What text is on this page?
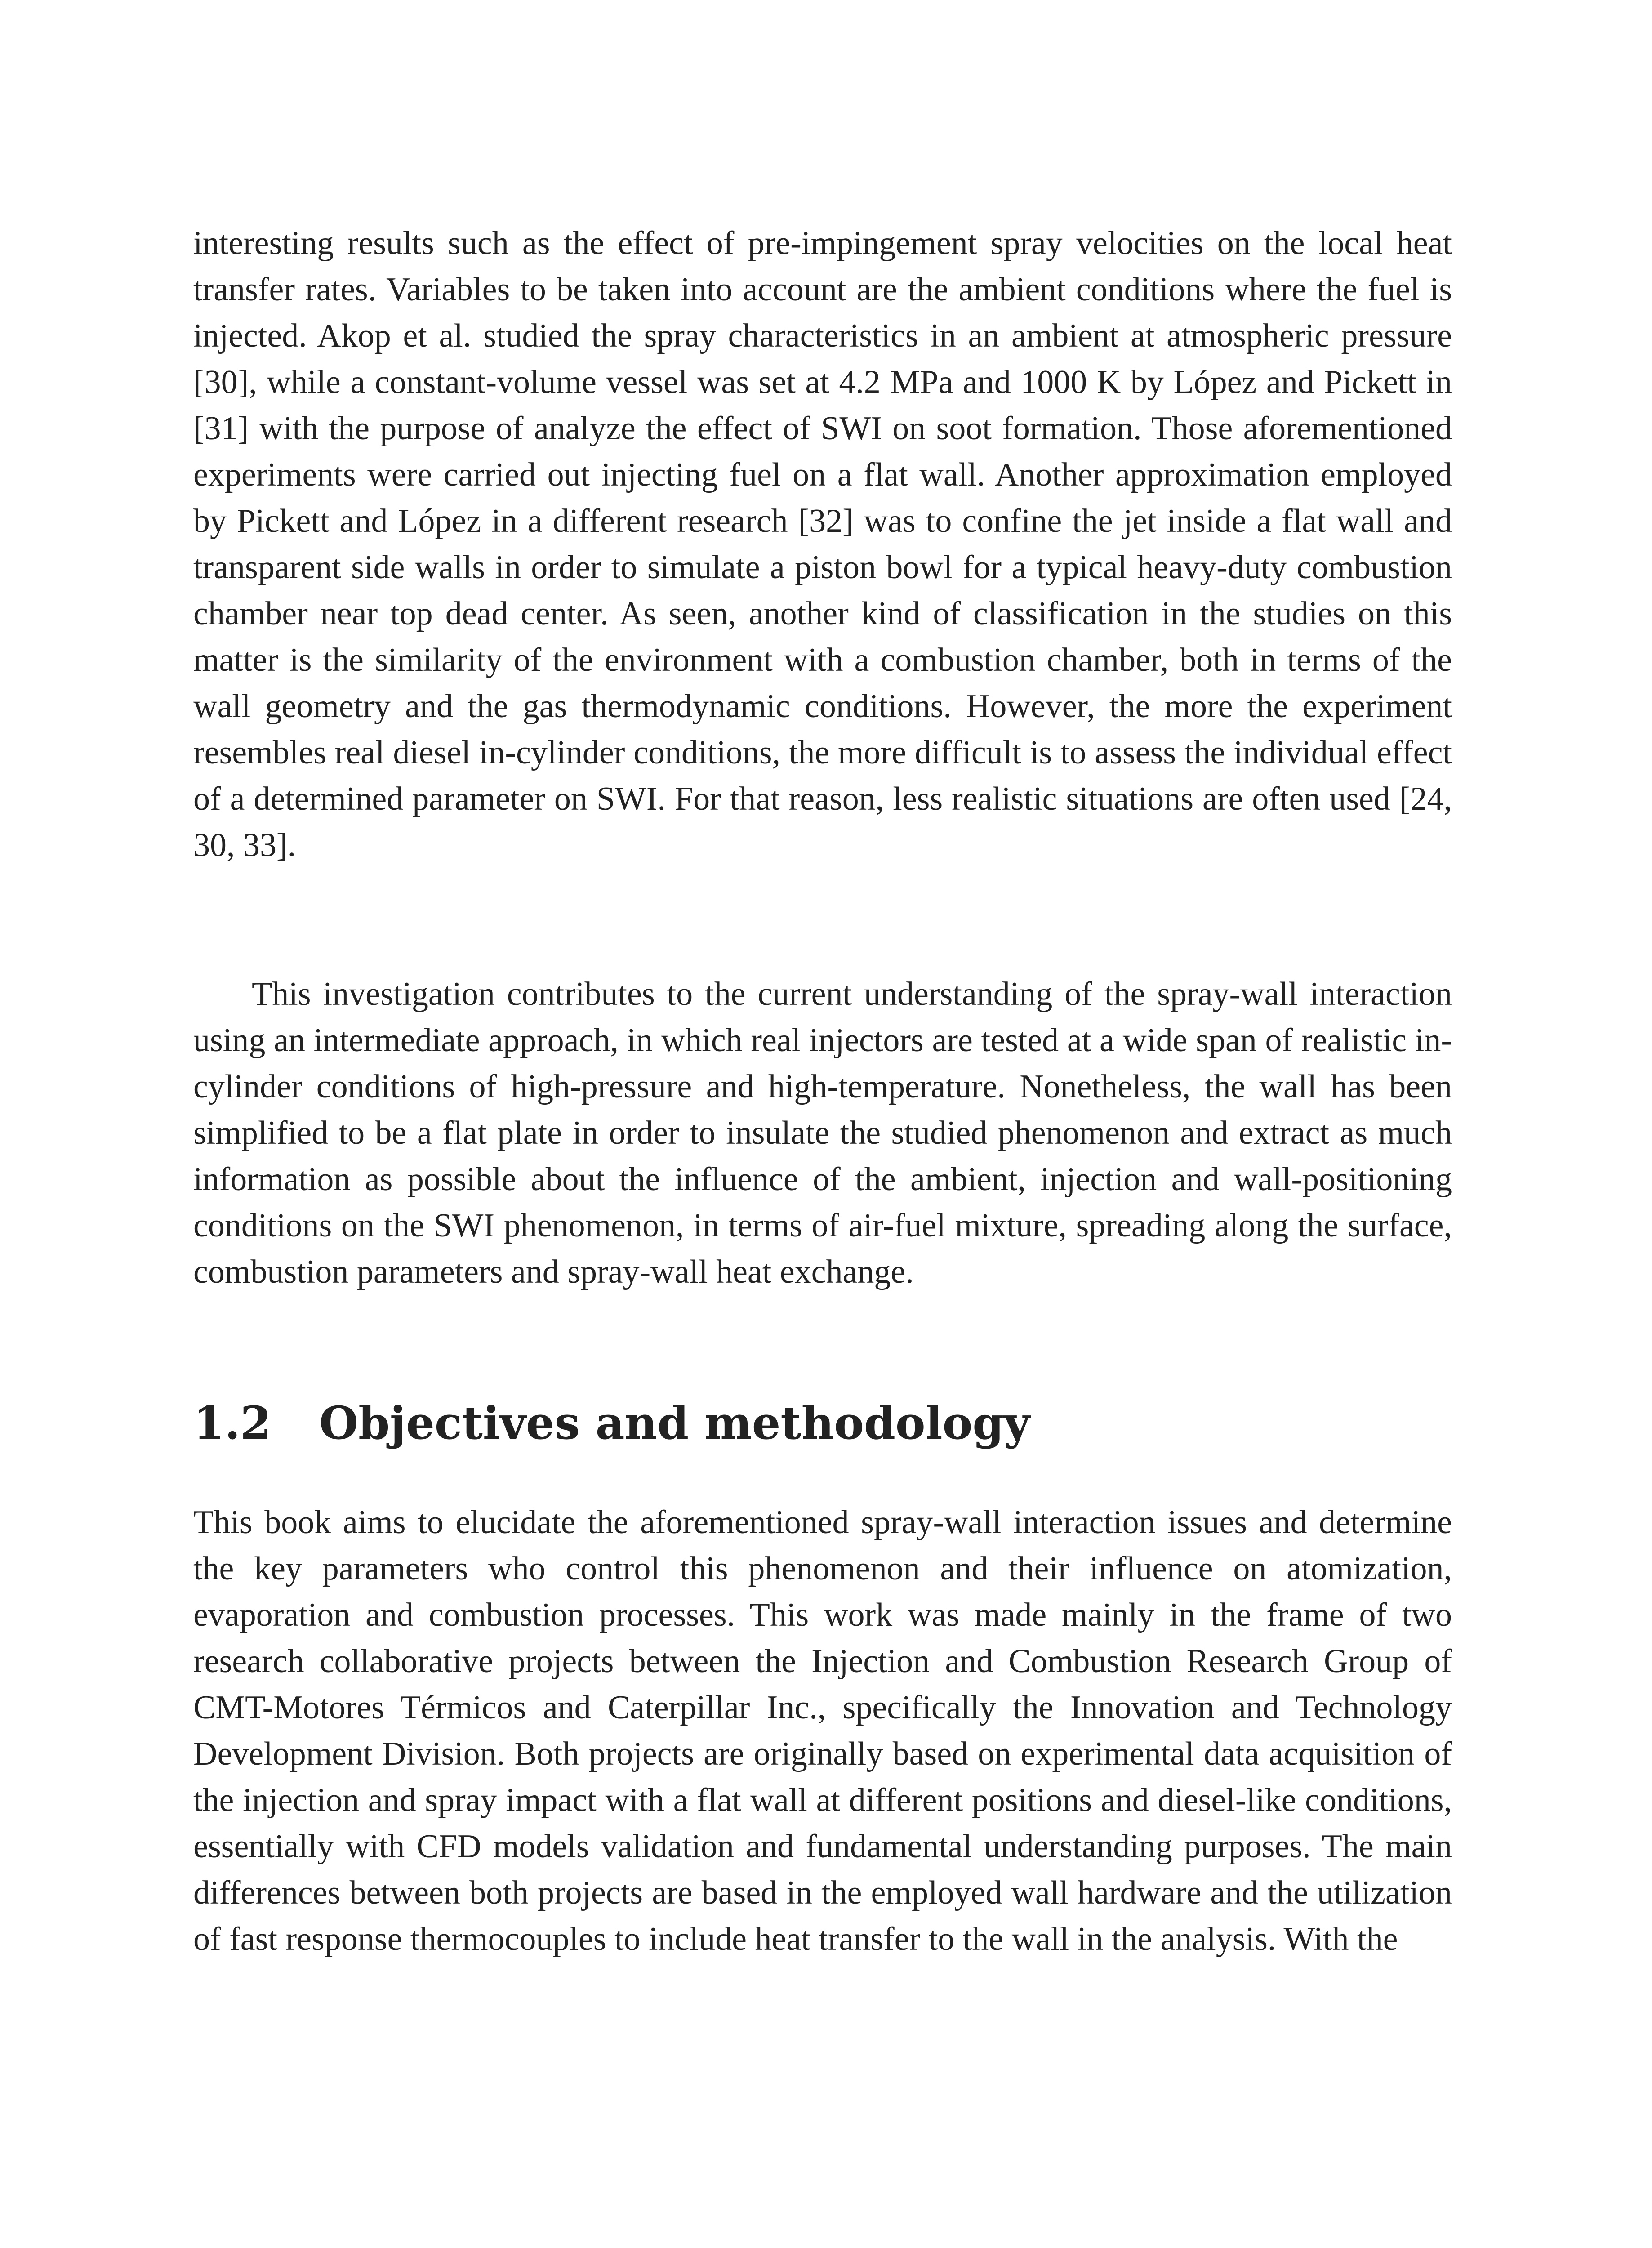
interesting results such as the effect of pre-impingement spray velocities on the local heat transfer rates. Variables to be taken into account are the ambient conditions where the fuel is injected. Akop et al. studied the spray characteristics in an ambient at atmospheric pressure [30], while a constant-volume vessel was set at 4.2 MPa and 1000 K by López and Pickett in [31] with the purpose of analyze the effect of SWI on soot formation. Those aforementioned experiments were carried out injecting fuel on a flat wall. Another approximation employed by Pickett and López in a different research [32] was to confine the jet inside a flat wall and transparent side walls in order to simulate a piston bowl for a typical heavy-duty combustion chamber near top dead center. As seen, another kind of classification in the studies on this matter is the similarity of the environment with a combustion chamber, both in terms of the wall geometry and the gas thermodynamic conditions. However, the more the experiment resembles real diesel in-cylinder conditions, the more difficult is to assess the individual effect of a determined parameter on SWI. For that reason, less realistic situations are often used [24, 30, 33].

This investigation contributes to the current understanding of the spray-wall interaction using an intermediate approach, in which real injectors are tested at a wide span of realistic in-cylinder conditions of high-pressure and high-temperature. Nonetheless, the wall has been simplified to be a flat plate in order to insulate the studied phenomenon and extract as much information as possible about the influence of the ambient, injection and wall-positioning conditions on the SWI phenomenon, in terms of air-fuel mixture, spreading along the surface, combustion parameters and spray-wall heat exchange.

1.2 Objectives and methodology

This book aims to elucidate the aforementioned spray-wall interaction issues and determine the key parameters who control this phenomenon and their influence on atomization, evaporation and combustion processes. This work was made mainly in the frame of two research collaborative projects between the Injection and Combustion Research Group of CMT-Motores Térmicos and Caterpillar Inc., specifically the Innovation and Technology Development Division. Both projects are originally based on experimental data acquisition of the injection and spray impact with a flat wall at different positions and diesel-like conditions, essentially with CFD models validation and fundamental understanding purposes. The main differences between both projects are based in the employed wall hardware and the utilization of fast response thermocouples to include heat transfer to the wall in the analysis. With the
